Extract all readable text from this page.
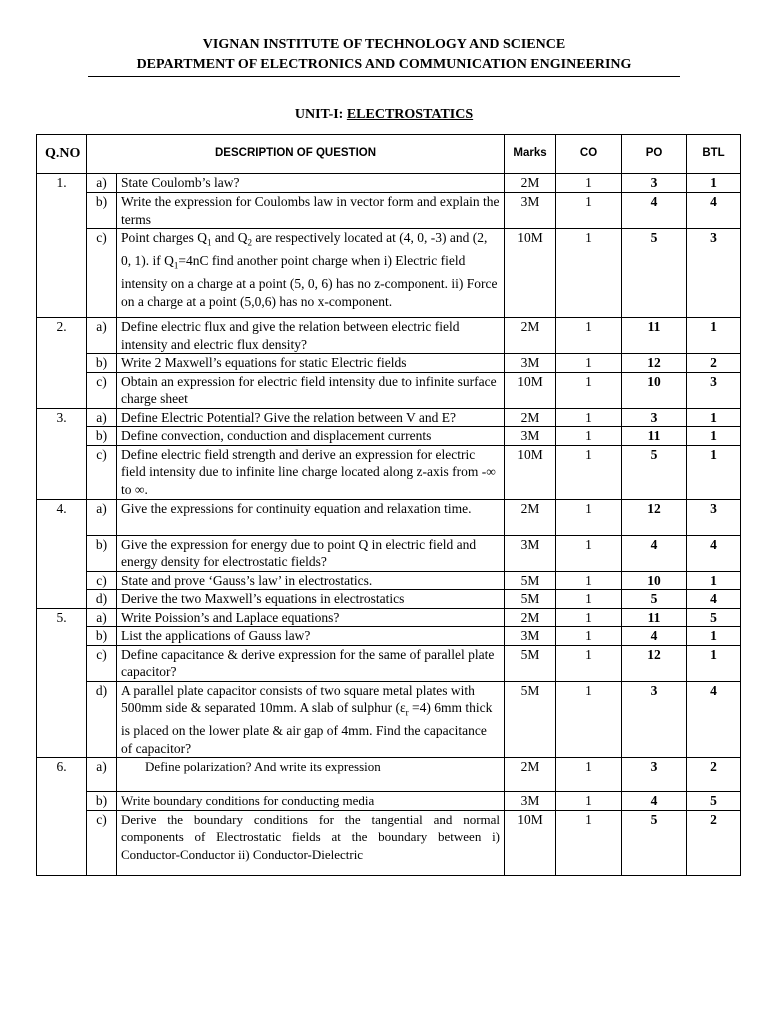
VIGNAN INSTITUTE OF TECHNOLOGY AND SCIENCE
DEPARTMENT OF ELECTRONICS AND COMMUNICATION ENGINEERING
UNIT-I: ELECTROSTATICS
Q.NO	DESCRIPTION OF QUESTION		Marks	CO	PO	BTL
1.	a)	State Coulomb’s law?	2M	1	3	1
	b)	Write the expression for Coulombs law in vector form and explain the terms	3M	1	4	4
	c)	Point charges $Q_1$ and $Q_2$ are respectively located at (4, 0, -3) and (2, 0, 1). if $Q_1=4nC$ find another point charge when i) Electric field intensity on a charge at a point (5, 0, 6) has no z-component. ii) Force on a charge at a point (5,0,6) has no x-component.	10M	1	5	3
2.	a)	Define electric flux and give the relation between electric field intensity and electric flux density?	2M	1	11	1
	b)	Write 2 Maxwell’s equations for static Electric fields	3M	1	12	2
	c)	Obtain an expression for electric field intensity due to infinite surface charge sheet	10M	1	10	3
3.	a)	Define Electric Potential? Give the relation between V and E?	2M	1	3	1
	b)	Define convection, conduction and displacement currents	3M	1	11	1
	c)	Define electric field strength and derive an expression for electric field intensity due to infinite line charge located along z-axis from -∞ to ∞.	10M	1	5	1
4.	a)	Give the expressions for continuity equation and relaxation time.	2M	1	12	3
	b)	Give the expression for energy due to point Q in electric field and energy density for electrostatic fields?	3M	1	4	4
	c)	State and prove ‘Gauss’s law’ in electrostatics.	5M	1	10	1
	d)	Derive the two Maxwell’s equations in electrostatics	5M	1	5	4
5.	a)	Write Poission’s and Laplace equations?	2M	1	11	5
	b)	List the applications of Gauss law?	3M	1	4	1
	c)	Define capacitance & derive expression for the same of parallel plate capacitor?	5M	1	12	1
	d)	A parallel plate capacitor consists of two square metal plates with 500mm side & separated 10mm. A slab of sulphur $(\varepsilon_r =4)$ 6mm thick is placed on the lower plate & air gap of 4mm. Find the capacitance of capacitor?	5M	1	3	4
6.	a)	Define polarization? And write its expression	2M	1	3	2
	b)	Write boundary conditions for conducting media	3M	1	4	5
	c)	Derive the boundary conditions for the tangential and normal components of Electrostatic fields at the boundary between i) Conductor-Conductor ii) Conductor-Dielectric	10M	1	5	2
